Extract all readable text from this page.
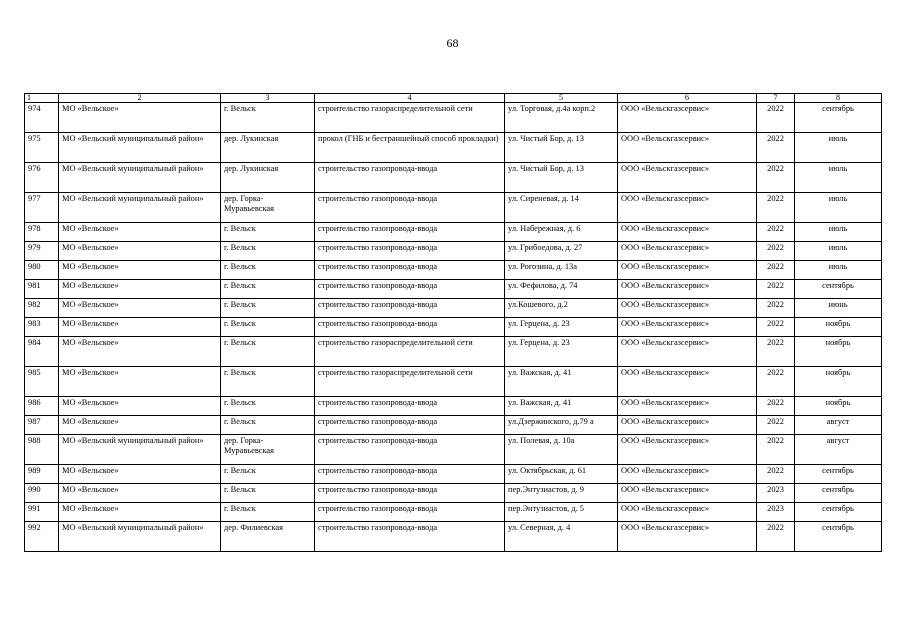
68
1	2	3	4	5	6	7	8
974	МО «Вельское»	г. Вельск	строительство газораспределительной сети	ул. Торговая, д.4а корп.2	ООО «Вельскгазсервис»	2022	сентябрь
975	МО «Вельский муниципальный район»	дер. Лукинская	прокол (ГНБ и бестраншейный способ прокладки)	ул. Чистый Бор, д. 13	ООО «Вельскгазсервис»	2022	июль
976	МО «Вельский муниципальный район»	дер. Лукинская	строительство газопровода-ввода	ул. Чистый Бор, д. 13	ООО «Вельскгазсервис»	2022	июль
977	МО «Вельский муниципальный район»	дер. Горка-Муравьевская	строительство газопровода-ввода	ул. Сиреневая, д. 14	ООО «Вельскгазсервис»	2022	июль
978	МО «Вельское»	г. Вельск	строительство газопровода-ввода	ул. Набережная, д. 6	ООО «Вельскгазсервис»	2022	июль
979	МО «Вельское»	г. Вельск	строительство газопровода-ввода	ул. Грибоедова, д. 27	ООО «Вельскгазсервис»	2022	июль
980	МО «Вельское»	г. Вельск	строительство газопровода-ввода	ул. Рогозина, д. 13а	ООО «Вельскгазсервис»	2022	июль
981	МО «Вельское»	г. Вельск	строительство газопровода-ввода	ул. Фефилова, д. 74	ООО «Вельскгазсервис»	2022	сентябрь
982	МО «Вельское»	г. Вельск	строительство газопровода-ввода	ул.Кошевого, д.2	ООО «Вельскгазсервис»	2022	июнь
983	МО «Вельское»	г. Вельск	строительство газопровода-ввода	ул. Герцена, д. 23	ООО «Вельскгазсервис»	2022	ноябрь
984	МО «Вельское»	г. Вельск	строительство газораспределительной сети	ул. Герцена, д. 23	ООО «Вельскгазсервис»	2022	ноябрь
985	МО «Вельское»	г. Вельск	строительство газораспределительной сети	ул. Важская, д. 41	ООО «Вельскгазсервис»	2022	ноябрь
986	МО «Вельское»	г. Вельск	строительство газопровода-ввода	ул. Важская, д. 41	ООО «Вельскгазсервис»	2022	ноябрь
987	МО «Вельское»	г. Вельск	строительство газопровода-ввода	ул.Дзержинского, д.79 а	ООО «Вельскгазсервис»	2022	август
988	МО «Вельский муниципальный район»	дер. Горка-Муравьевская	строительство газопровода-ввода	ул. Полевая, д. 10а	ООО «Вельскгазсервис»	2022	август
989	МО «Вельское»	г. Вельск	строительство газопровода-ввода	ул. Октябрьская, д. 61	ООО «Вельскгазсервис»	2022	сентябрь
990	МО «Вельское»	г. Вельск	строительство газопровода-ввода	пер.Энтузиастов, д. 9	ООО «Вельскгазсервис»	2023	сентябрь
991	МО «Вельское»	г. Вельск	строительство газопровода-ввода	пер.Энтузиастов, д. 5	ООО «Вельскгазсервис»	2023	сентябрь
992	МО «Вельский муниципальный район»	дер. Филиевская	строительство газопровода-ввода	ул. Северная, д. 4	ООО «Вельскгазсервис»	2022	сентябрь
